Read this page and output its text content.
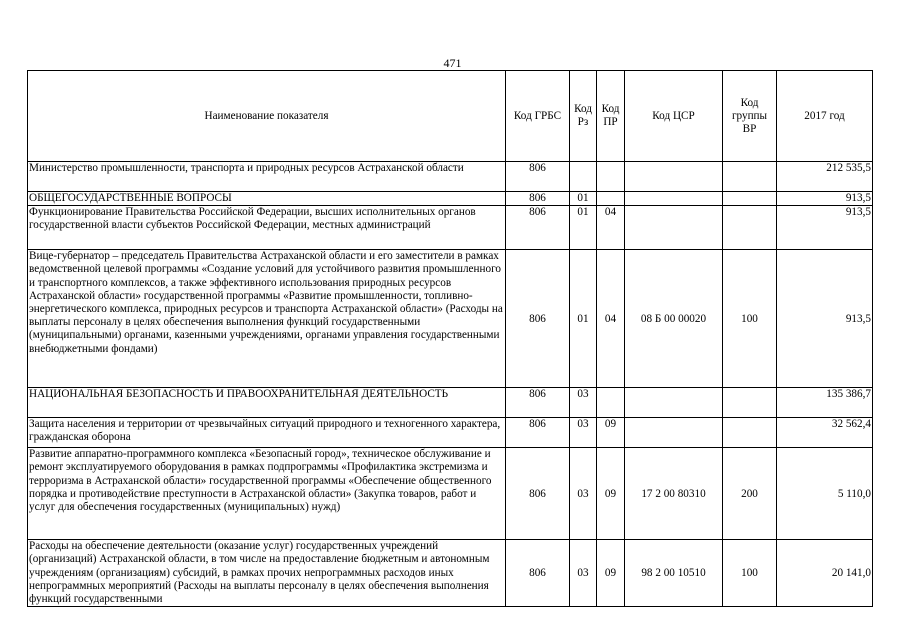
471
Наименование показателя	Код ГРБС	Код Рз	Код ПР	Код ЦСР	Код группы ВР	2017 год
Министерство промышленности, транспорта и природных ресурсов Астраханской области	806					212 535,5
ОБЩЕГОСУДАРСТВЕННЫЕ ВОПРОСЫ	806	01				913,5
Функционирование Правительства Российской Федерации, высших исполнительных органов государственной власти субъектов Российской Федерации, местных администраций	806	01	04			913,5
Вице-губернатор – председатель Правительства Астраханской области и его заместители в рамках ведомственной целевой программы «Создание условий для устойчивого развития промышленного и транспортного комплексов, а также эффективного использования природных ресурсов Астраханской области» государственной программы «Развитие промышленности, топливно-энергетического комплекса, природных ресурсов и транспорта Астраханской области» (Расходы на выплаты персоналу в целях обеспечения выполнения функций государственными (муниципальными) органами, казенными учреждениями, органами управления государственными внебюджетными фондами)	806	01	04	08 Б 00 00020	100	913,5
НАЦИОНАЛЬНАЯ БЕЗОПАСНОСТЬ И ПРАВООХРАНИТЕЛЬНАЯ ДЕЯТЕЛЬНОСТЬ	806	03				135 386,7
Защита населения и территории от чрезвычайных ситуаций природного и техногенного характера, гражданская оборона	806	03	09			32 562,4
Развитие аппаратно-программного комплекса «Безопасный город», техническое обслуживание и ремонт эксплуатируемого оборудования в рамках подпрограммы «Профилактика экстремизма и терроризма в Астраханской области» государственной программы «Обеспечение общественного порядка и противодействие преступности в Астраханской области» (Закупка товаров, работ и услуг для обеспечения государственных (муниципальных) нужд)	806	03	09	17 2 00 80310	200	5 110,0
Расходы на обеспечение деятельности (оказание услуг) государственных учреждений (организаций) Астраханской области, в том числе на предоставление бюджетным и автономным учреждениям (организациям) субсидий, в рамках прочих непрограммных расходов иных непрограммных мероприятий (Расходы на выплаты персоналу в целях обеспечения выполнения функций государственными	806	03	09	98 2 00 10510	100	20 141,0
